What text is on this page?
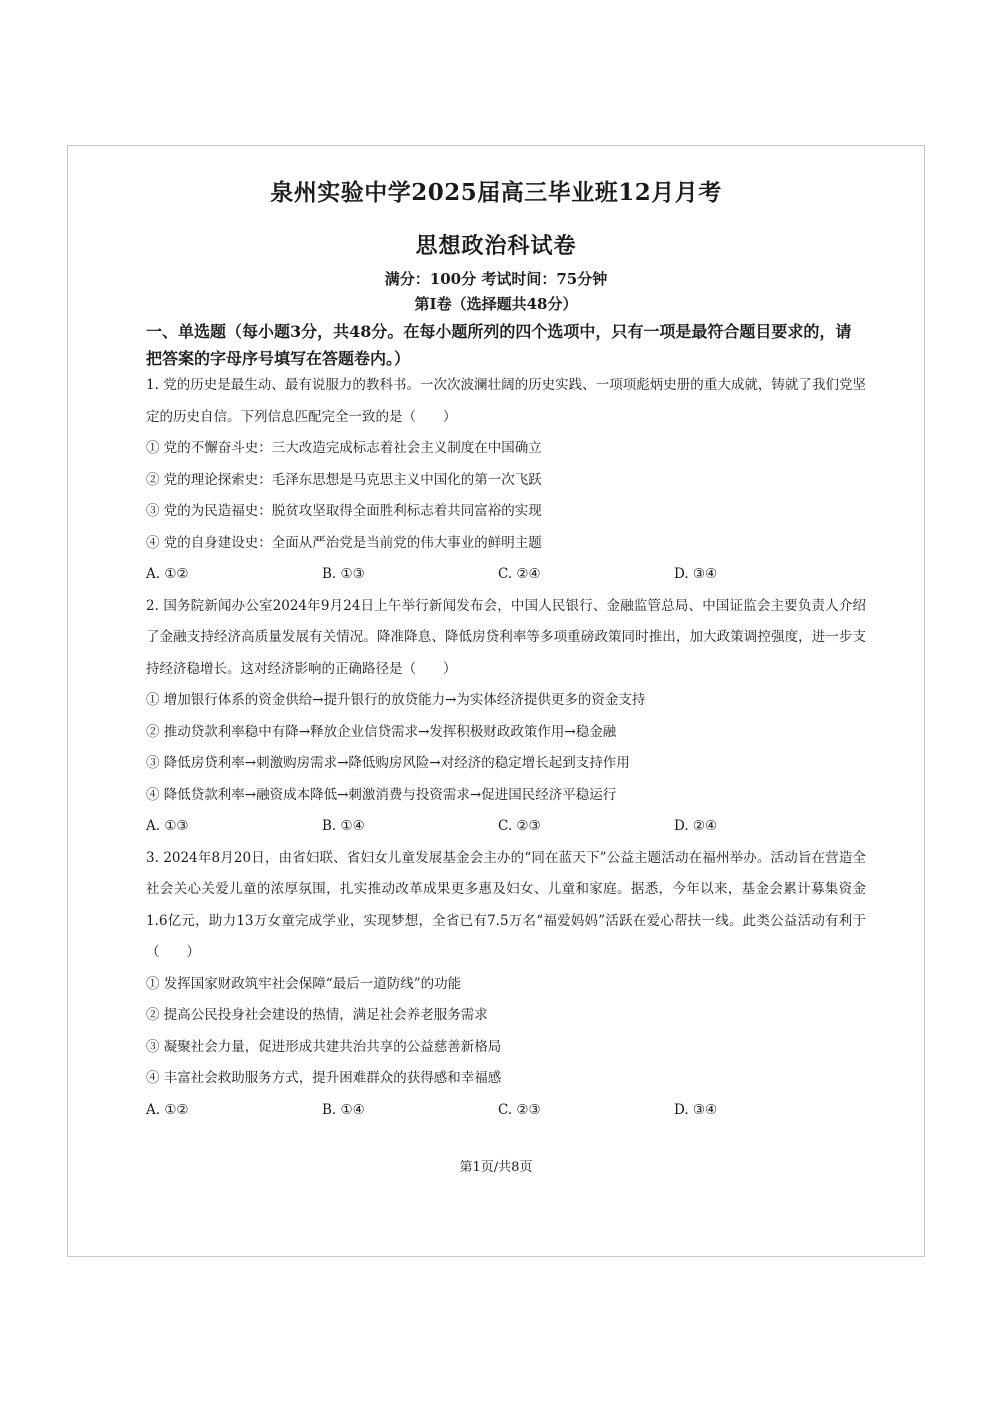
泉州实验中学2025届高三毕业班12月月考
思想政治科试卷
满分：100分 考试时间：75分钟
第Ⅰ卷（选择题共48分）
一、单选题（每小题3分，共48分。在每小题所列的四个选项中，只有一项是最符合题目要求的，请把答案的字母序号填写在答题卷内。）
1. 党的历史是最生动、最有说服力的教科书。一次次波澜壮阔的历史实践、一项项彪炳史册的重大成就，铸就了我们党坚定的历史自信。下列信息匹配完全一致的是（　　）
① 党的不懈奋斗史：三大改造完成标志着社会主义制度在中国确立
② 党的理论探索史：毛泽东思想是马克思主义中国化的第一次飞跃
③ 党的为民造福史：脱贫攻坚取得全面胜利标志着共同富裕的实现
④ 党的自身建设史：全面从严治党是当前党的伟大事业的鲜明主题
A. ①②	B. ①③	C. ②④	D. ③④
2. 国务院新闻办公室2024年9月24日上午举行新闻发布会，中国人民银行、金融监管总局、中国证监会主要负责人介绍了金融支持经济高质量发展有关情况。降准降息、降低房贷利率等多项重磅政策同时推出，加大政策调控强度，进一步支持经济稳增长。这对经济影响的正确路径是（　　）
① 增加银行体系的资金供给→提升银行的放贷能力→为实体经济提供更多的资金支持
② 推动贷款利率稳中有降→释放企业信贷需求→发挥积极财政政策作用→稳金融
③ 降低房贷利率→刺激购房需求→降低购房风险→对经济的稳定增长起到支持作用
④ 降低贷款利率→融资成本降低→刺激消费与投资需求→促进国民经济平稳运行
A. ①③	B. ①④	C. ②③	D. ②④
3. 2024年8月20日，由省妇联、省妇女儿童发展基金会主办的“同在蓝天下”公益主题活动在福州举办。活动旨在营造全社会关心关爱儿童的浓厚氛围，扎实推动改革成果更多惠及妇女、儿童和家庭。据悉，今年以来，基金会累计募集资金1.6亿元，助力13万女童完成学业，实现梦想，全省已有7.5万名“福爱妈妈”活跃在爱心帮扶一线。此类公益活动有利于（　　）
① 发挥国家财政筑牢社会保障“最后一道防线”的功能
② 提高公民投身社会建设的热情，满足社会养老服务需求
③ 凝聚社会力量，促进形成共建共治共享的公益慈善新格局
④ 丰富社会救助服务方式，提升困难群众的获得感和幸福感
A. ①②	B. ①④	C. ②③	D. ③④
第1页/共8页
